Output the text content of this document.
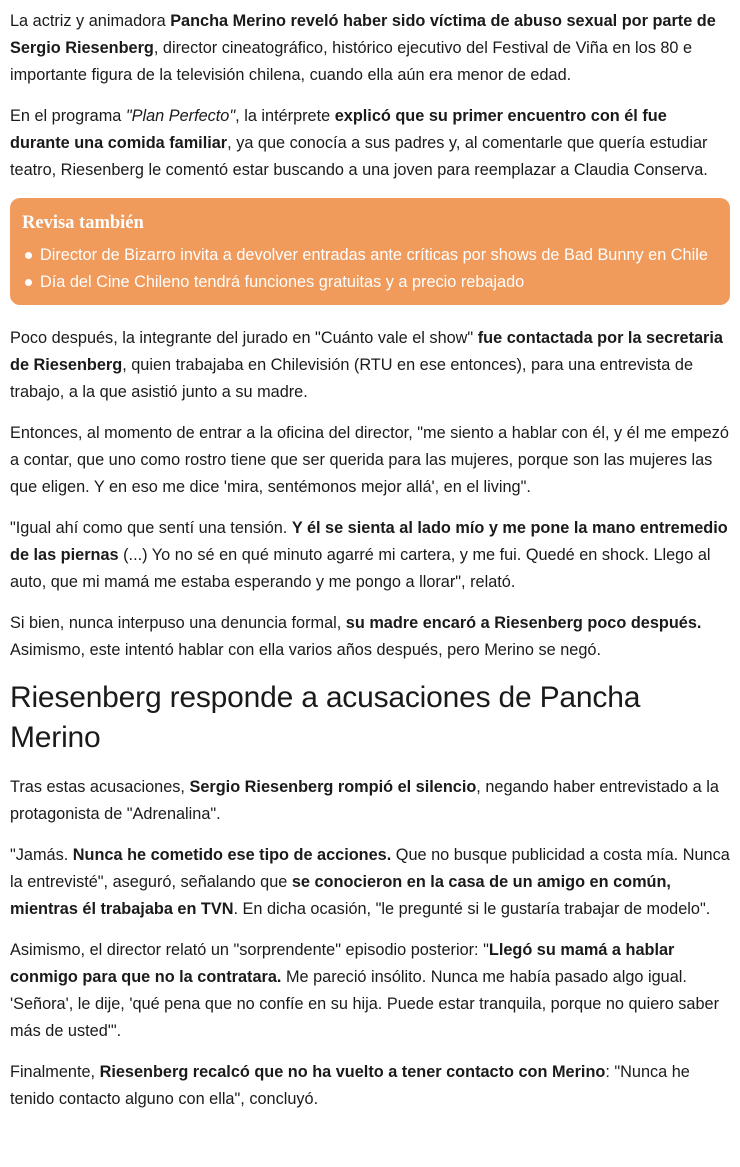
La actriz y animadora Pancha Merino reveló haber sido víctima de abuso sexual por parte de Sergio Riesenberg, director cineatográfico, histórico ejecutivo del Festival de Viña en los 80 e importante figura de la televisión chilena, cuando ella aún era menor de edad.

En el programa "Plan Perfecto", la intérprete explicó que su primer encuentro con él fue durante una comida familiar, ya que conocía a sus padres y, al comentarle que quería estudiar teatro, Riesenberg le comentó estar buscando a una joven para reemplazar a Claudia Conserva.

Revisa también
Director de Bizarro invita a devolver entradas ante críticas por shows de Bad Bunny en Chile
Día del Cine Chileno tendrá funciones gratuitas y a precio rebajado

Poco después, la integrante del jurado en "Cuánto vale el show" fue contactada por la secretaria de Riesenberg, quien trabajaba en Chilevisión (RTU en ese entonces), para una entrevista de trabajo, a la que asistió junto a su madre.

Entonces, al momento de entrar a la oficina del director, "me siento a hablar con él, y él me empezó a contar, que uno como rostro tiene que ser querida para las mujeres, porque son las mujeres las que eligen. Y en eso me dice 'mira, sentémonos mejor allá', en el living".

"Igual ahí como que sentí una tensión. Y él se sienta al lado mío y me pone la mano entremedio de las piernas (...) Yo no sé en qué minuto agarré mi cartera, y me fui. Quedé en shock. Llego al auto, que mi mamá me estaba esperando y me pongo a llorar", relató.

Si bien, nunca interpuso una denuncia formal, su madre encaró a Riesenberg poco después. Asimismo, este intentó hablar con ella varios años después, pero Merino se negó.

Riesenberg responde a acusaciones de Pancha Merino

Tras estas acusaciones, Sergio Riesenberg rompió el silencio, negando haber entrevistado a la protagonista de "Adrenalina".

"Jamás. Nunca he cometido ese tipo de acciones. Que no busque publicidad a costa mía. Nunca la entrevisté", aseguró, señalando que se conocieron en la casa de un amigo en común, mientras él trabajaba en TVN. En dicha ocasión, "le pregunté si le gustaría trabajar de modelo".

Asimismo, el director relató un "sorprendente" episodio posterior: "Llegó su mamá a hablar conmigo para que no la contratara. Me pareció insólito. Nunca me había pasado algo igual. 'Señora', le dije, 'qué pena que no confíe en su hija. Puede estar tranquila, porque no quiero saber más de usted'".

Finalmente, Riesenberg recalcó que no ha vuelto a tener contacto con Merino: "Nunca he tenido contacto alguno con ella", concluyó.
